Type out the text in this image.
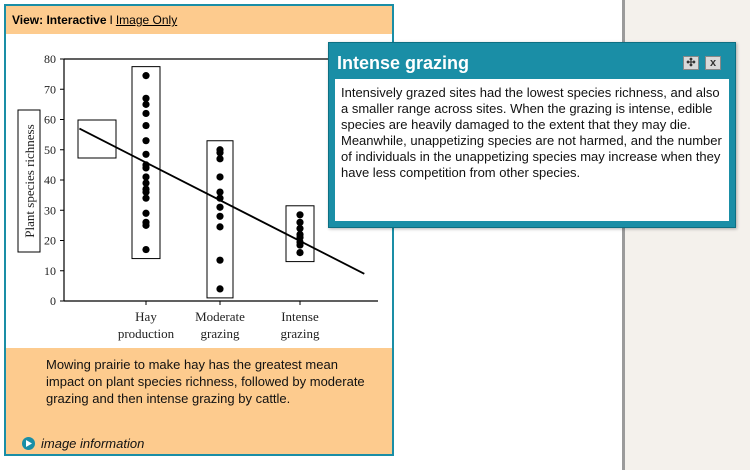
View: Interactive I Image Only
0
10
20
30
40
50
60
70
80
Plant species richness
Hay
production
Moderate
grazing
Intense
grazing

Mowing prairie to make hay has the greatest mean impact on plant species richness, followed by moderate grazing and then intense grazing by cattle.

image information
Intense grazing	✣	x
Intensively grazed sites had the lowest species richness, and also a smaller range across sites. When the grazing is intense, edible species are heavily damaged to the extent that they may die. Meanwhile, unappetizing species are not harmed, and the number of individuals in the unappetizing species may increase when they have less competition from other species.
